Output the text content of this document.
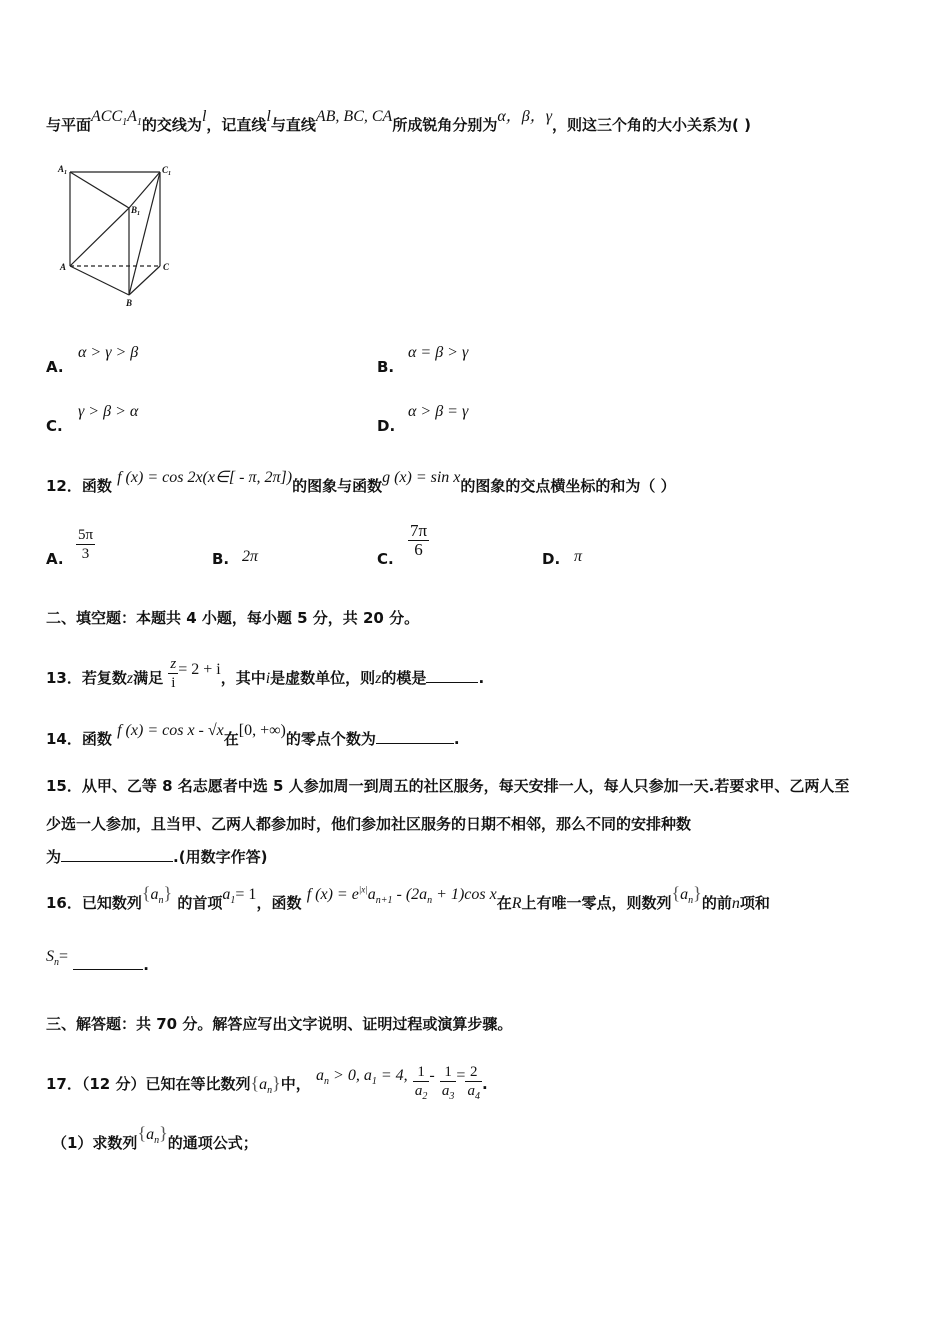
与平面$ACC_1A_1$的交线为l，记直线l与直线AB, BC, CA所成锐角分别为α，β，γ，则这三个角的大小关系为( )
$A_1$	$C_1$
$B_1$
A	C
B
A.
α > γ > β
B.
α = β > γ
C.
γ > β > α
D.
α > β = γ
12．函数 f (x) = cos 2x(x∈[ - π, 2π])的图象与函数g (x) = sin x的图象的交点横坐标的和为（ ）
A. $\frac{5\pi}{3}$	B. 2π	C. $\frac{7\pi}{6}$	D. π
二、填空题：本题共 4 小题，每小题 5 分，共 20 分。
13．若复数z满足 $\frac{z}{i} = 2 + i$，其中i是虚数单位，则z的模是	.
14．函数 f (x) = cos x - √x在[0, +∞)的零点个数为	.
15．从甲、乙等 8 名志愿者中选 5 人参加周一到周五的社区服务，每天安排一人，每人只参加一天.若要求甲、乙两人至
少选一人参加，且当甲、乙两人都参加时，他们参加社区服务的日期不相邻，那么不同的安排种数
为	.(用数字作答)
16．已知数列$\{a_n\}$ 的首项$a_1= 1$，函数 f $(x) = e^{|x|}a_{n+1} - (2a_n + 1)\cos$ x在R上有唯一零点，则数列$\{a_n\}$的前n项和
$S_n=$	.
三、解答题：共 70 分。解答应写出文字说明、证明过程或演算步骤。
17．（12 分）已知在等比数列$\{a_n\}$中， $a_n > 0$, $a_1 = 4$, $\frac{1}{a_2} - \frac{1}{a_3} = \frac{2}{a_4}$ .
（1）求数列$\{a_n\}$的通项公式；
